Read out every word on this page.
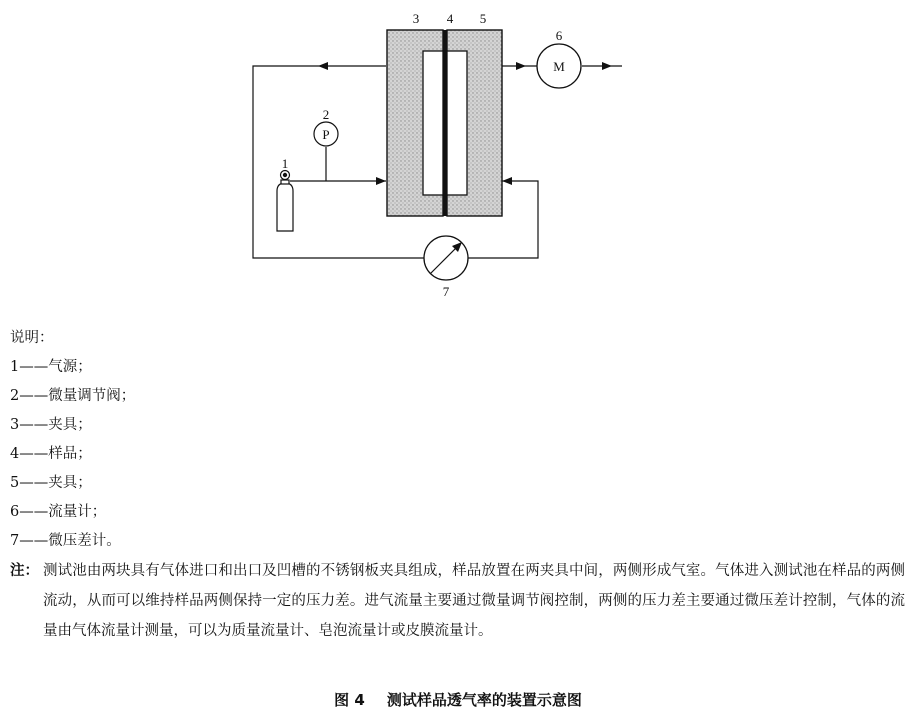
P
M
1
2
3 4 5
6
7
说明：
1——气源；
2——微量调节阀；
3——夹具；
4——样品；
5——夹具；
6——流量计；
7——微压差计。
注： 测试池由两块具有气体进口和出口及凹槽的不锈钢板夹具组成，样品放置在两夹具中间，两侧形成气室。气体进入测试池在样品的两侧流动，从而可以维持样品两侧保持一定的压力差。进气流量主要通过微量调节阀控制，两侧的压力差主要通过微压差计控制，气体的流量由气体流量计测量，可以为质量流量计、皂泡流量计或皮膜流量计。
图 4 测试样品透气率的装置示意图
